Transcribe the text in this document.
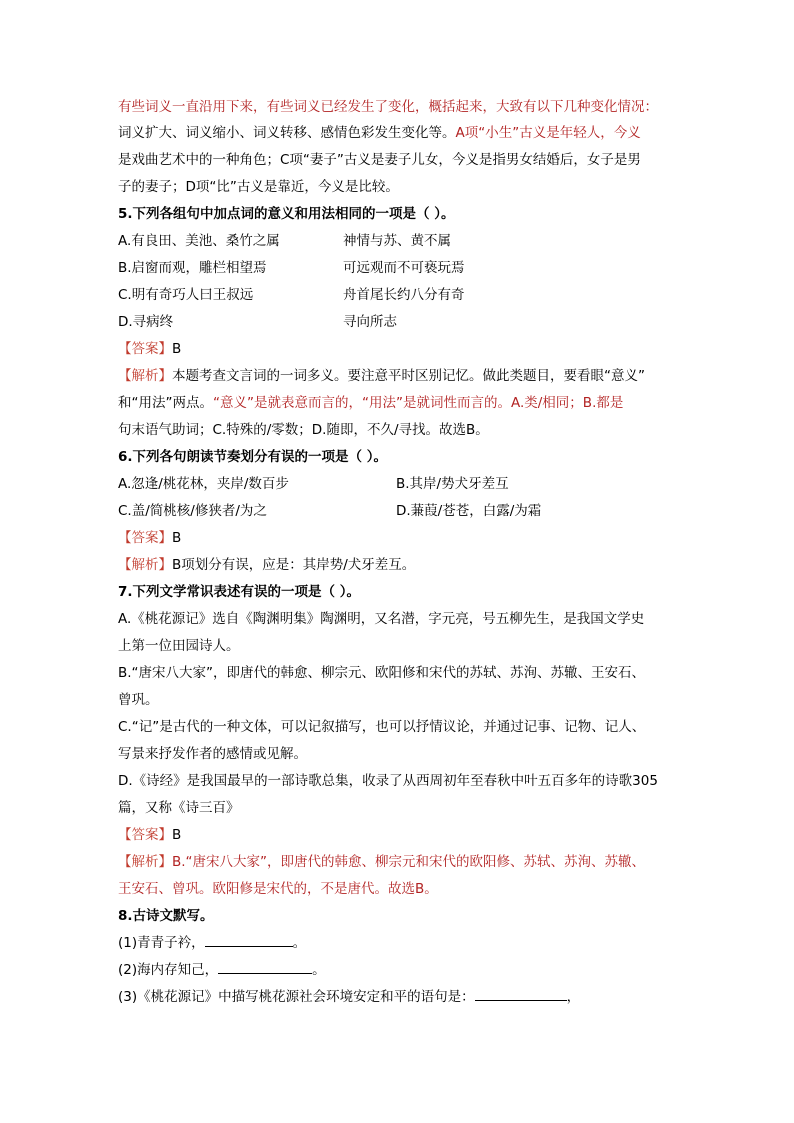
有些词义一直沿用下来，有些词义已经发生了变化，概括起来，大致有以下几种变化情况：
词义扩大、词义缩小、词义转移、感情色彩发生变化等。A项“小生”古义是年轻人，今义
是戏曲艺术中的一种角色；C项“妻子”古义是妻子儿女，今义是指男女结婚后，女子是男
子的妻子；D项“比”古义是靠近，今义是比较。
5.下列各组句中加点词的意义和用法相同的一项是（ ）。
A.有良田、美池、桑竹之属	神情与苏、黄不属
B.启窗而观，雕栏相望焉	可远观而不可亵玩焉
C.明有奇巧人曰王叔远	舟首尾长约八分有奇
D.寻病终	寻向所志
【答案】B
【解析】本题考查文言词的一词多义。要注意平时区别记忆。做此类题目，要看眼“意义”
和“用法”两点。“意义”是就表意而言的，“用法”是就词性而言的。A.类/相同；B.都是
句末语气助词；C.特殊的/零数；D.随即，不久/寻找。故选B。
6.下列各句朗读节奏划分有误的一项是（ ）。
A.忽逢/桃花林，夹岸/数百步	B.其岸/势犬牙差互
C.盖/简桃核/修狭者/为之	D.蒹葭/苍苍，白露/为霜
【答案】B
【解析】B项划分有误，应是：其岸势/犬牙差互。
7.下列文学常识表述有误的一项是（ ）。
A.《桃花源记》选自《陶渊明集》陶渊明，又名潜，字元亮，号五柳先生，是我国文学史
上第一位田园诗人。
B.“唐宋八大家”，即唐代的韩愈、柳宗元、欧阳修和宋代的苏轼、苏洵、苏辙、王安石、
曾巩。
C.“记”是古代的一种文体，可以记叙描写，也可以抒情议论，并通过记事、记物、记人、
写景来抒发作者的感情或见解。
D.《诗经》是我国最早的一部诗歌总集，收录了从西周初年至春秋中叶五百多年的诗歌305
篇，又称《诗三百》
【答案】B
【解析】B.“唐宋八大家”，即唐代的韩愈、柳宗元和宋代的欧阳修、苏轼、苏洵、苏辙、
王安石、曾巩。欧阳修是宋代的，不是唐代。故选B。
8.古诗文默写。
(1)青青子衿，	。
(2)海内存知己，	。
(3)《桃花源记》中描写桃花源社会环境安定和平的语句是：	，
